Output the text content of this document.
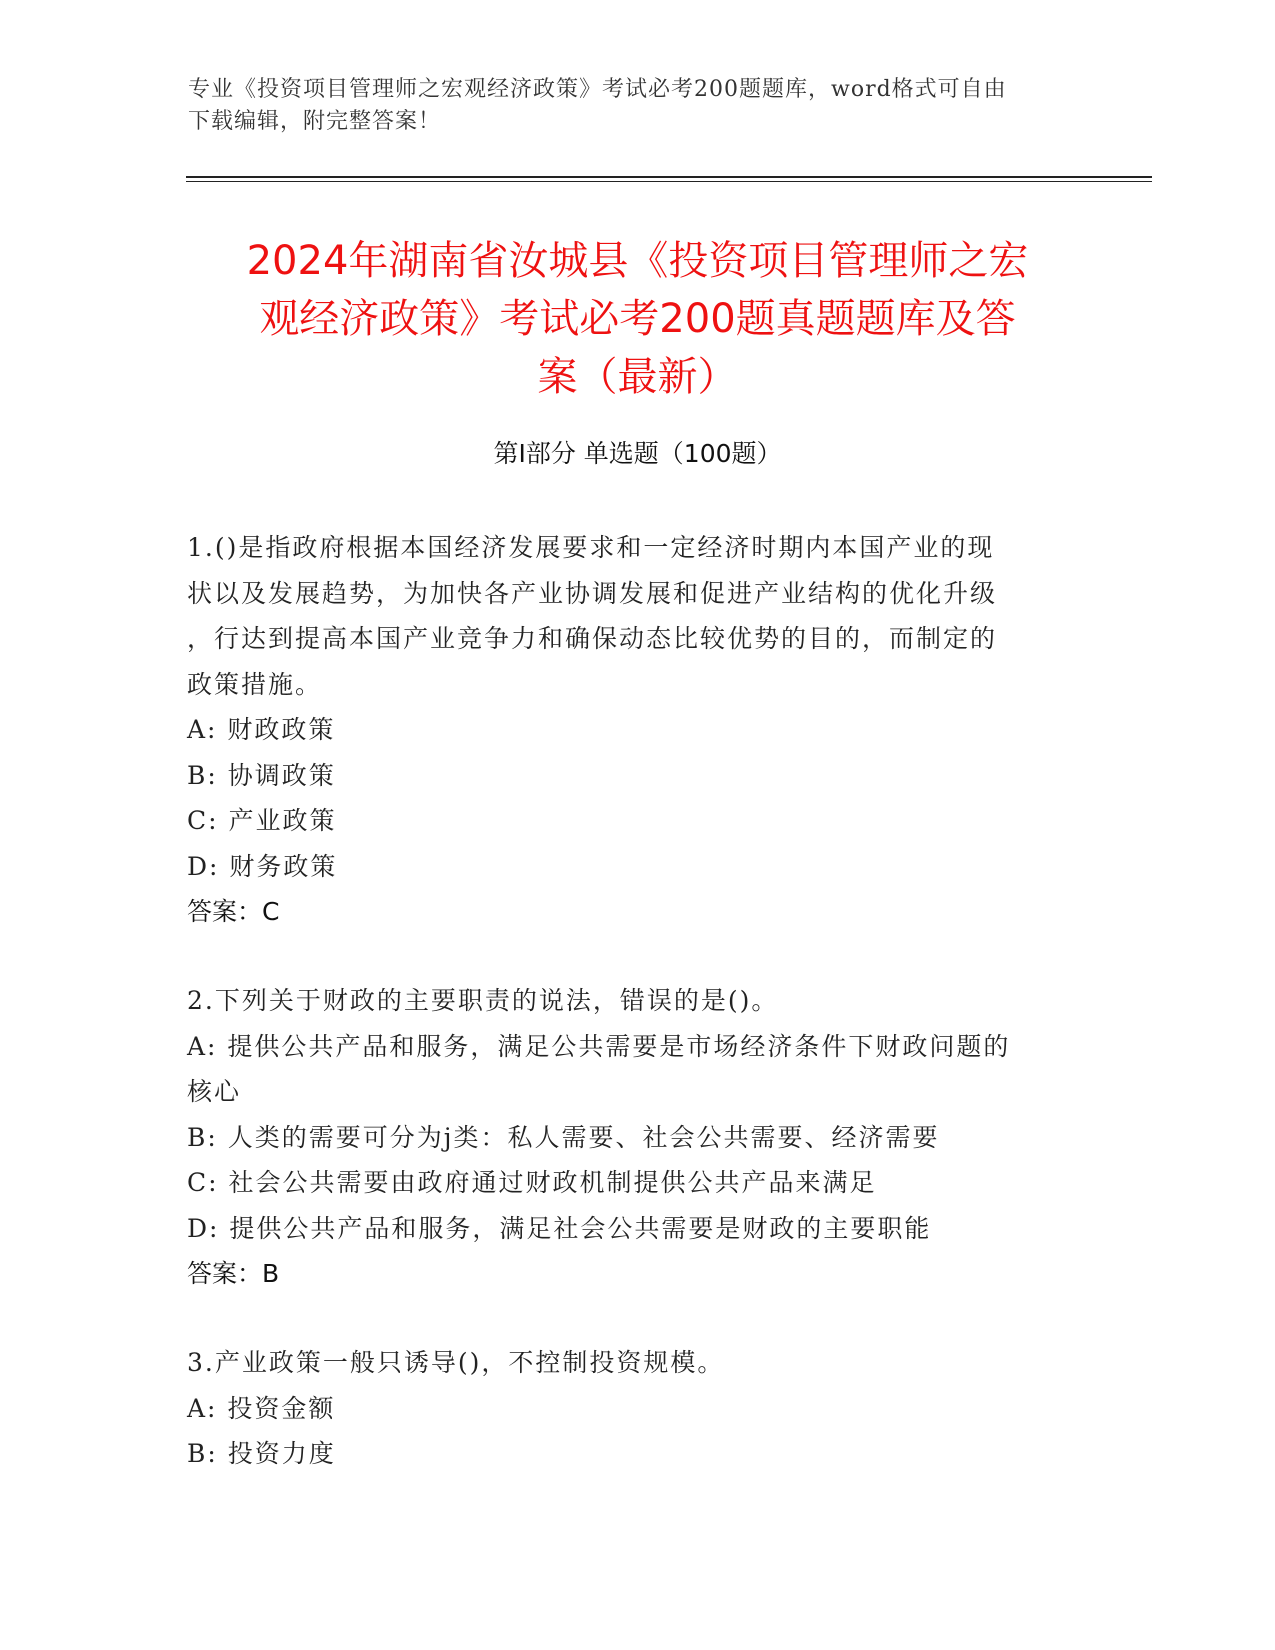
专业《投资项目管理师之宏观经济政策》考试必考200题题库，word格式可自由
下载编辑，附完整答案！
2024年湖南省汝城县《投资项目管理师之宏
观经济政策》考试必考200题真题题库及答
案（最新）
第Ⅰ部分 单选题（100题）
1.()是指政府根据本国经济发展要求和一定经济时期内本国产业的现
状以及发展趋势，为加快各产业协调发展和促进产业结构的优化升级
，行达到提高本国产业竞争力和确保动态比较优势的目的，而制定的
政策措施。
A: 财政政策
B: 协调政策
C: 产业政策
D: 财务政策
答案：C
2.下列关于财政的主要职责的说法，错误的是()。
A: 提供公共产品和服务，满足公共需要是市场经济条件下财政问题的
核心
B: 人类的需要可分为j类：私人需要、社会公共需要、经济需要
C: 社会公共需要由政府通过财政机制提供公共产品来满足
D: 提供公共产品和服务，满足社会公共需要是财政的主要职能
答案：B
3.产业政策一般只诱导()，不控制投资规模。
A: 投资金额
B: 投资力度
